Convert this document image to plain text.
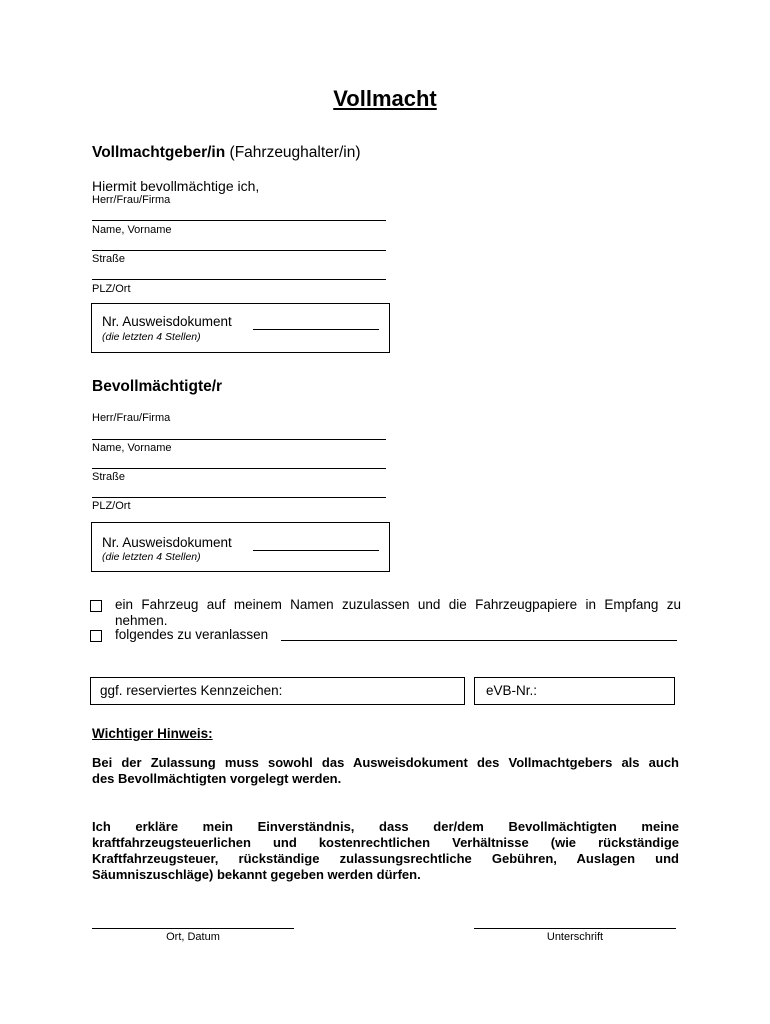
Vollmacht
Vollmachtgeber/in (Fahrzeughalter/in)
Hiermit bevollmächtige ich,
Herr/Frau/Firma
Name, Vorname
Straße
PLZ/Ort
Nr. Ausweisdokument
(die letzten 4 Stellen)
Bevollmächtigte/r
Herr/Frau/Firma
Name, Vorname
Straße
PLZ/Ort
Nr. Ausweisdokument
(die letzten 4 Stellen)
ein Fahrzeug auf meinem Namen zuzulassen und die Fahrzeugpapiere in Empfang zu
nehmen.
folgendes zu veranlassen
ggf. reserviertes Kennzeichen:	eVB-Nr.:
Wichtiger Hinweis:
Bei der Zulassung muss sowohl das Ausweisdokument des Vollmachtgebers als auch
des Bevollmächtigten vorgelegt werden.
Ich erkläre mein Einverständnis, dass der/dem Bevollmächtigten meine
kraftfahrzeugsteuerlichen und kostenrechtlichen Verhältnisse (wie rückständige
Kraftfahrzeugsteuer, rückständige zulassungsrechtliche Gebühren, Auslagen und
Säumniszuschläge) bekannt gegeben werden dürfen.
Ort, Datum	Unterschrift
